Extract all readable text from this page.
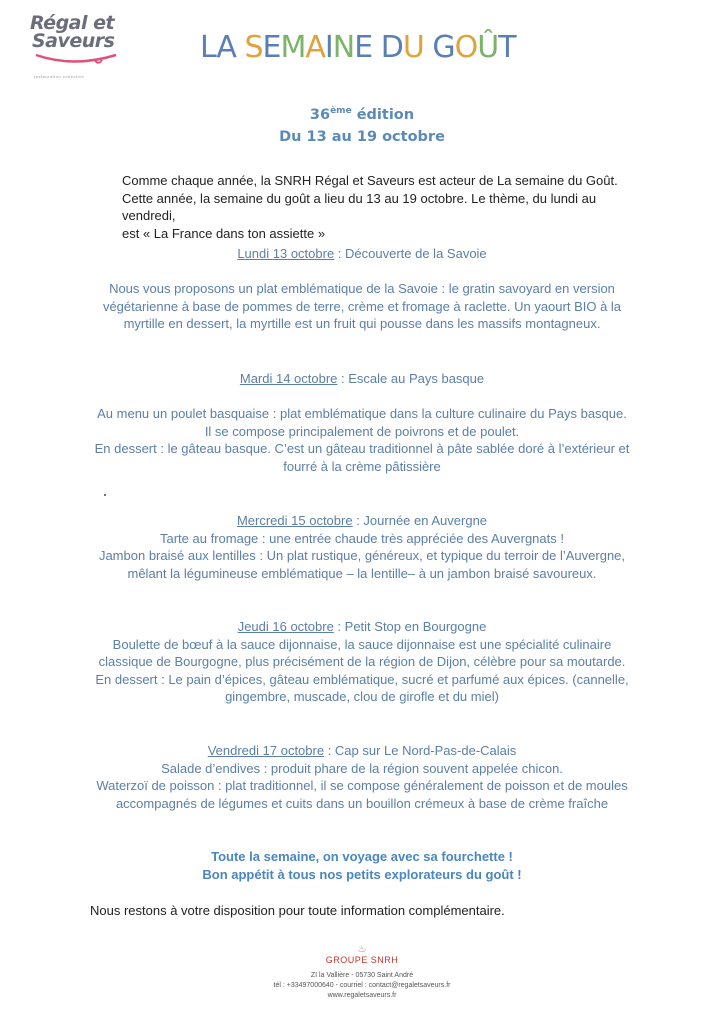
Régal et
Saveurs
restauration collective
LA SEMAINE DU GOÛT
36ème édition
Du 13 au 19 octobre
Comme chaque année, la SNRH Régal et Saveurs est acteur de La semaine du Goût.
Cette année, la semaine du goût a lieu du 13 au 19 octobre. Le thème, du lundi au vendredi,
est « La France dans ton assiette »

Lundi 13 octobre : Découverte de la Savoie

Nous vous proposons un plat emblématique de la Savoie : le gratin savoyard en version

végétarienne à base de pommes de terre, crème et fromage à raclette. Un yaourt BIO à la

myrtille en dessert, la myrtille est un fruit qui pousse dans les massifs montagneux.

Mardi 14 octobre : Escale au Pays basque

Au menu un poulet basquaise : plat emblématique dans la culture culinaire du Pays basque.

Il se compose principalement de poivrons et de poulet.

En dessert : le gâteau basque. C’est un gâteau traditionnel à pâte sablée doré à l’extérieur et

fourré à la crème pâtissière

Mercredi 15 octobre : Journée en Auvergne

Tarte au fromage : une entrée chaude très appréciée des Auvergnats !

Jambon braisé aux lentilles : Un plat rustique, généreux, et typique du terroir de l’Auvergne,

mêlant la légumineuse emblématique – la lentille– à un jambon braisé savoureux.

Jeudi 16 octobre : Petit Stop en Bourgogne

Boulette de bœuf à la sauce dijonnaise, la sauce dijonnaise est une spécialité culinaire

classique de Bourgogne, plus précisément de la région de Dijon, célèbre pour sa moutarde.

En dessert : Le pain d’épices, gâteau emblématique, sucré et parfumé aux épices. (cannelle,

gingembre, muscade, clou de girofle et du miel)

Vendredi 17 octobre : Cap sur Le Nord-Pas-de-Calais

Salade d’endives : produit phare de la région souvent appelée chicon.

Waterzoï de poisson : plat traditionnel, il se compose généralement de poisson et de moules

accompagnés de légumes et cuits dans un bouillon crémeux à base de crème fraîche

Toute la semaine, on voyage avec sa fourchette !
Bon appétit à tous nos petits explorateurs du goût !
Nous restons à votre disposition pour toute information complémentaire.
♨
GROUPE SNRH
ZI la Vallière - 05730 Saint André
tél : +33497000640 - courriel : contact@regaletsaveurs.fr
www.regaletsaveurs.fr
